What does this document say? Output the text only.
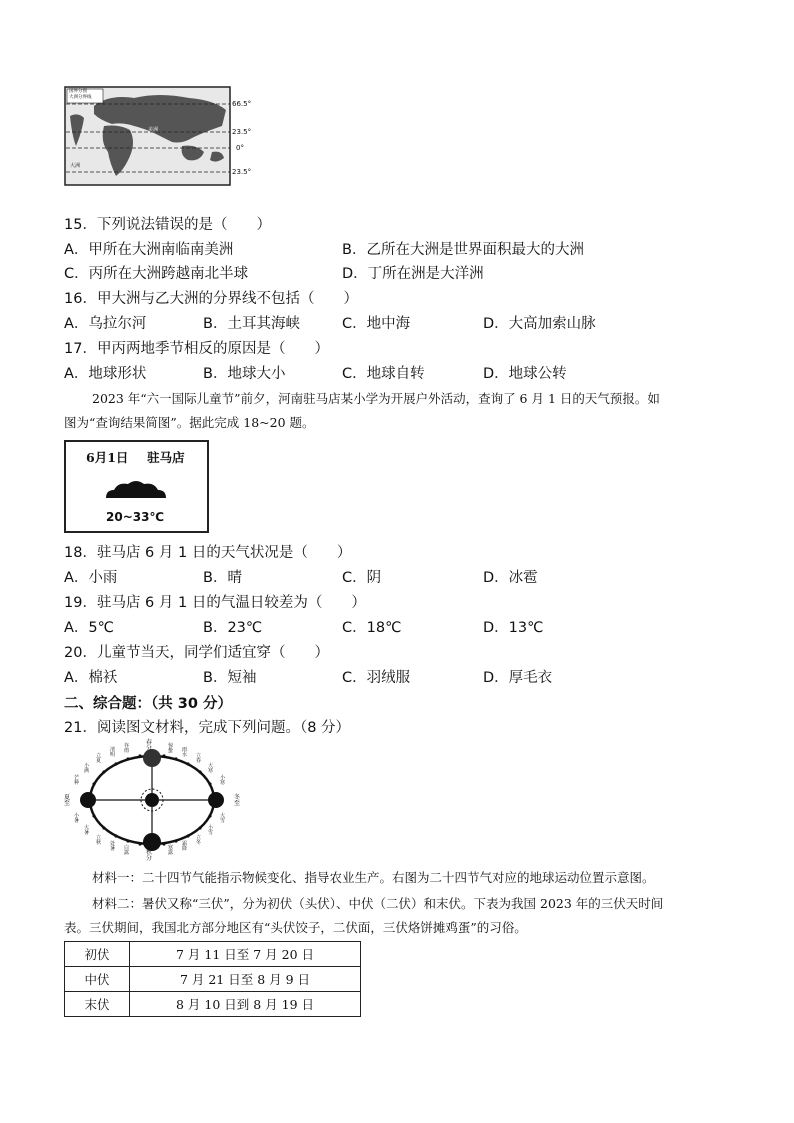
国界分图
大洲分界线
美洲
大洲
66.5°
23.5°
0°
23.5°
15．下列说法错误的是（　　）
A．甲所在大洲南临南美洲	B．乙所在大洲是世界面积最大的大洲
C．丙所在大洲跨越南北半球	D．丁所在洲是大洋洲
16．甲大洲与乙大洲的分界线不包括（　　）
A．乌拉尔河	B．土耳其海峡	C．地中海	D．大高加索山脉
17．甲丙两地季节相反的原因是（　　）
A．地球形状	B．地球大小	C．地球自转	D．地球公转
2023 年“六一国际儿童节”前夕，河南驻马店某小学为开展户外活动，查询了 6 月 1 日的天气预报。如
图为“查询结果简图”。据此完成 18~20 题。
6月1日 驻马店
20~33℃
18．驻马店 6 月 1 日的天气状况是（　　）
A．小雨	B．晴	C．阴	D．冰雹
19．驻马店 6 月 1 日的气温日较差为（　　）
A．5℃	B．23℃	C．18℃	D．13℃
20．儿童节当天，同学们适宜穿（　　）
A．棉袄	B．短袖	C．羽绒服	D．厚毛衣
二、综合题：（共 30 分）
21．阅读图文材料，完成下列问题。（8 分）
春分
夏至
冬至
秋分
谷雨
清明
立夏
小满
芒种
惊蛰 雨水 立春
大寒
小寒
小暑
大暑
立秋 处暑 白露
寒露
霜降
立冬
小雪
大雪
材料一：二十四节气能指示物候变化、指导农业生产。右图为二十四节气对应的地球运动位置示意图。
材料二：暑伏又称“三伏”，分为初伏（头伏）、中伏（二伏）和末伏。下表为我国 2023 年的三伏天时间
表。三伏期间，我国北方部分地区有“头伏饺子，二伏面，三伏烙饼摊鸡蛋”的习俗。
初伏	7 月 11 日至 7 月 20 日
中伏	7 月 21 日至 8 月 9 日
末伏	8 月 10 日到 8 月 19 日
